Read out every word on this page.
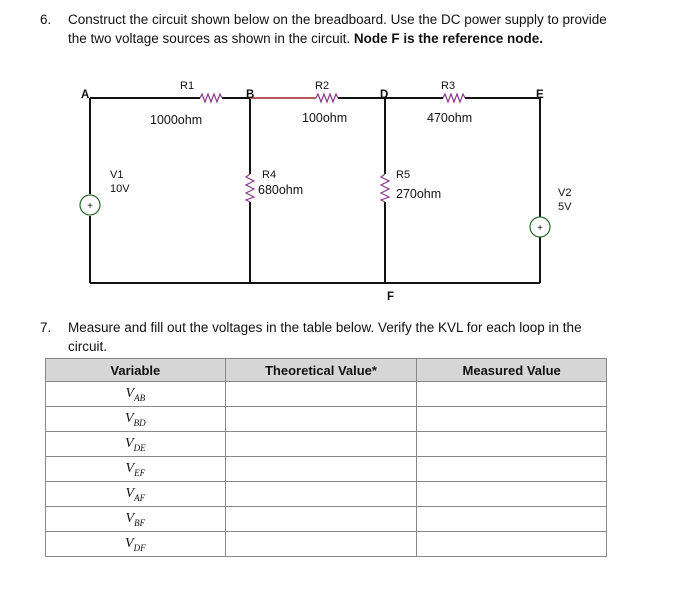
6. Construct the circuit shown below on the breadboard. Use the DC power supply to provide
the two voltage sources as shown in the circuit. Node F is the reference node.
+
+
A	B	D	E
F
R1	R2	R3
R4	R5
V1
10V	V2
5V
1000ohm	100ohm	470ohm
680ohm	270ohm
7. Measure and fill out the voltages in the table below. Verify the KVL for each loop in the
circuit.
Variable	Theoretical Value*	Measured Value
$V_{AB}$		
$V_{BD}$		
$V_{DE}$		
$V_{EF}$		
$V_{AF}$		
$V_{BF}$		
$V_{DF}$		
